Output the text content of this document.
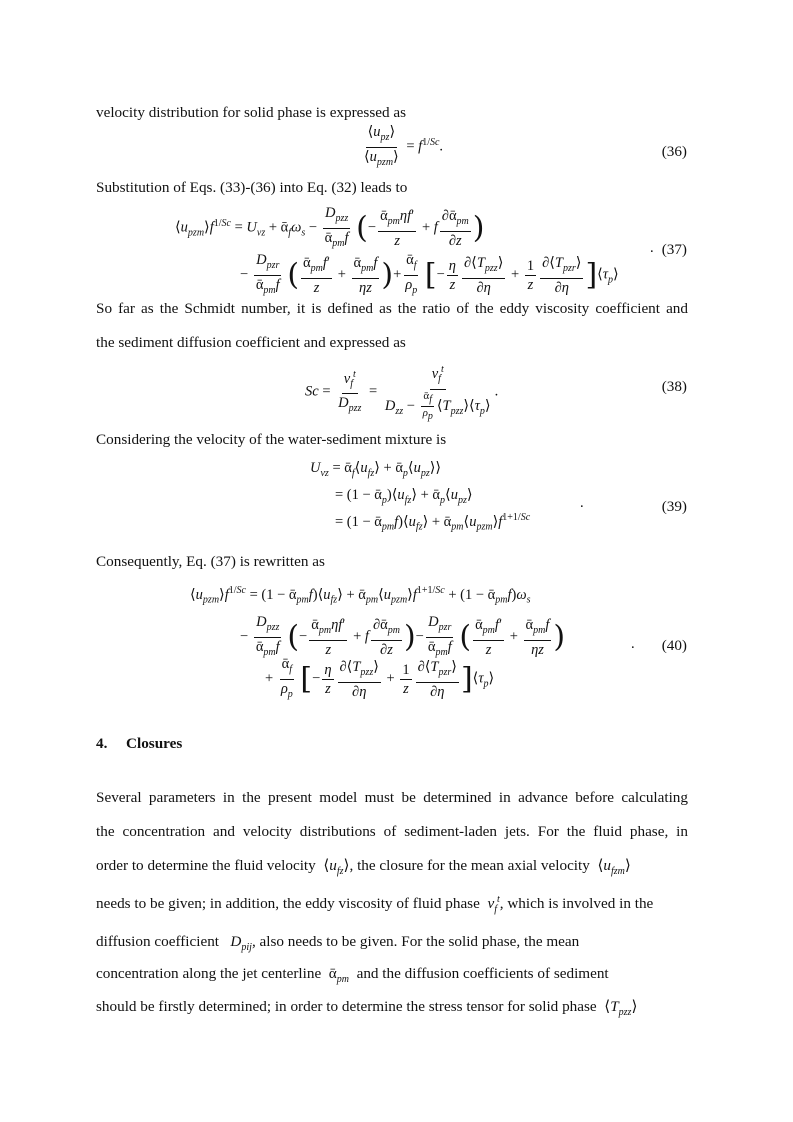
velocity distribution for solid phase is expressed as
$\frac{⟨u_{pz}⟩}{⟨u_{pzm}⟩} = f^{1/Sc}$.	(36)
Substitution of Eqs. (33)-(36) into Eq. (32) leads to
$⟨u_{pzm}⟩f^{1/Sc} = U_{vz}$ + $ᾱ_f\omega_s - \frac{D_{pzz}}{ᾱ_{pm}f}$ (− $\frac{ᾱ_{pm}\eta f'}{z} + f \frac{\partial ᾱ_{pm}}{\partial z}$ )
− $\frac{D_{pzr}}{ᾱ_{pm}f}$ ( $\frac{ᾱ_{pm}f'}{z} + \frac{ᾱ_{pm}f}{\eta z}$ )+ $\frac{ᾱ_f}{\rho_p}$ [− $\frac{\eta}{z} \frac{\partial⟨T_{pzz}⟩}{\partial\eta} + \frac{1}{z} \frac{\partial⟨T_{pzr}⟩}{\partial\eta}$ ]$⟨\tau_p⟩$
. (37)
So far as the Schmidt number, it is defined as the ratio of the eddy viscosity coefficient and
the sediment diffusion coefficient and expressed as
$Sc = \frac{\nu_f^t}{D_{pzz}} = \frac{\nu_f^t}{D_{zz} - \frac{ᾱ_f}{\rho_p} ⟨T_{pzz}⟩⟨\tau_p⟩}$ .	(38)
Considering the velocity of the water-sediment mixture is
$U_{vz}$ = $ᾱ_f⟨u_{fz}⟩$ + $ᾱ_p⟨u_{pz}⟩⟩$
= $(1 - ᾱ_p)⟨u_{fz}⟩$ + $ᾱ_p⟨u_{pz}⟩$
= $(1 - ᾱ_{pm}f)⟨u_{fz}⟩$ + $ᾱ_{pm}⟨u_{pzm}⟩f^{1+1/Sc}$
.	(39)
Consequently, Eq. (37) is rewritten as
$⟨u_{pzm}⟩f^{1/Sc} = (1$ − $ᾱ_{pm}f)⟨u_{fz}⟩$ + $ᾱ_{pm}⟨u_{pzm}⟩f^{1+1/Sc} + (1$ − $ᾱ_{pm}f)\omega_s$
− $\frac{D_{pzz}}{ᾱ_{pm}f}$ (− $\frac{ᾱ_{pm}\eta f'}{z} + f \frac{\partial ᾱ_{pm}}{\partial z}$ )− $\frac{D_{pzr}}{ᾱ_{pm}f}$ ( $\frac{ᾱ_{pm}f'}{z} + \frac{ᾱ_{pm}f}{\eta z}$ )	. (40)
+ $\frac{ᾱ_f}{\rho_p}$ [− $\frac{\eta}{z} \frac{\partial⟨T_{pzz}⟩}{\partial\eta} + \frac{1}{z} \frac{\partial⟨T_{pzr}⟩}{\partial\eta}$ ]$⟨\tau_p⟩$
4. Closures
Several parameters in the present model must be determined in advance before calculating
the concentration and velocity distributions of sediment-laden jets. For the fluid phase, in
order to determine the fluid velocity  $⟨u_{fz}⟩$, the closure for the mean axial velocity  $⟨u_{fzm}⟩$
needs to be given; in addition, the eddy viscosity of fluid phase $\nu_f^t$, which is involved in the
diffusion coefficient $D_{pij}$, also needs to be given. For the solid phase, the mean
concentration along the jet centerline  ᾱ$_{pm}$ and the diffusion coefficients of sediment
should be firstly determined; in order to determine the stress tensor for solid phase  $⟨T_{pzz}⟩$
